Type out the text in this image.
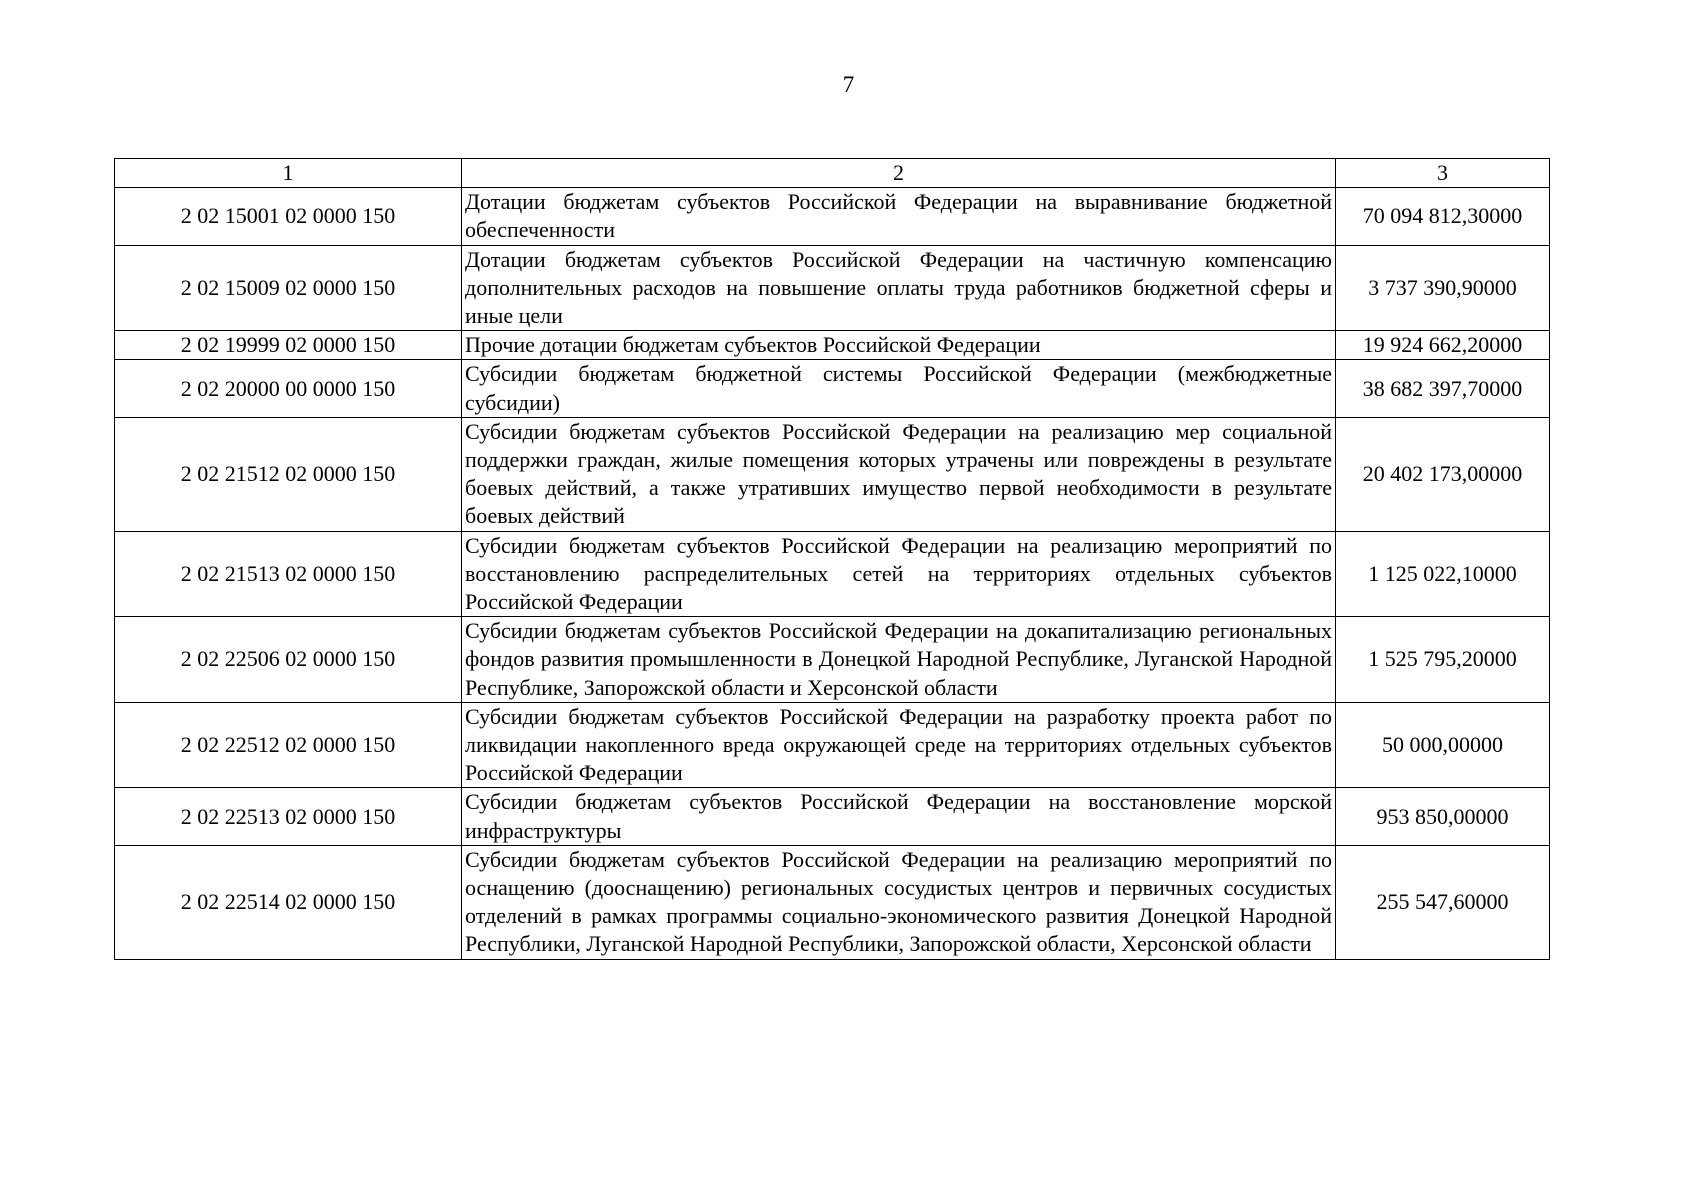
7
1	2	3
2 02 15001 02 0000 150	Дотации бюджетам субъектов Российской Федерации на выравнивание бюджетной обеспеченности	70 094 812,30000
2 02 15009 02 0000 150	Дотации бюджетам субъектов Российской Федерации на частичную компенсацию дополнительных расходов на повышение оплаты труда работников бюджетной сферы и иные цели	3 737 390,90000
2 02 19999 02 0000 150	Прочие дотации бюджетам субъектов Российской Федерации	19 924 662,20000
2 02 20000 00 0000 150	Субсидии бюджетам бюджетной системы Российской Федерации (межбюджетные субсидии)	38 682 397,70000
2 02 21512 02 0000 150	Субсидии бюджетам субъектов Российской Федерации на реализацию мер социальной поддержки граждан, жилые помещения которых утрачены или повреждены в результате боевых действий, а также утративших имущество первой необходимости в результате боевых действий	20 402 173,00000
2 02 21513 02 0000 150	Субсидии бюджетам субъектов Российской Федерации на реализацию мероприятий по восстановлению распределительных сетей на территориях отдельных субъектов Российской Федерации	1 125 022,10000
2 02 22506 02 0000 150	Субсидии бюджетам субъектов Российской Федерации на докапитализацию региональных фондов развития промышленности в Донецкой Народной Республике, Луганской Народной Республике, Запорожской области и Херсонской области	1 525 795,20000
2 02 22512 02 0000 150	Субсидии бюджетам субъектов Российской Федерации на разработку проекта работ по ликвидации накопленного вреда окружающей среде на территориях отдельных субъектов Российской Федерации	50 000,00000
2 02 22513 02 0000 150	Субсидии бюджетам субъектов Российской Федерации на восстановление морской инфраструктуры	953 850,00000
2 02 22514 02 0000 150	Субсидии бюджетам субъектов Российской Федерации на реализацию мероприятий по оснащению (дооснащению) региональных сосудистых центров и первичных сосудистых отделений в рамках программы социально-экономического развития Донецкой Народной Республики, Луганской Народной Республики, Запорожской области, Херсонской области	255 547,60000
